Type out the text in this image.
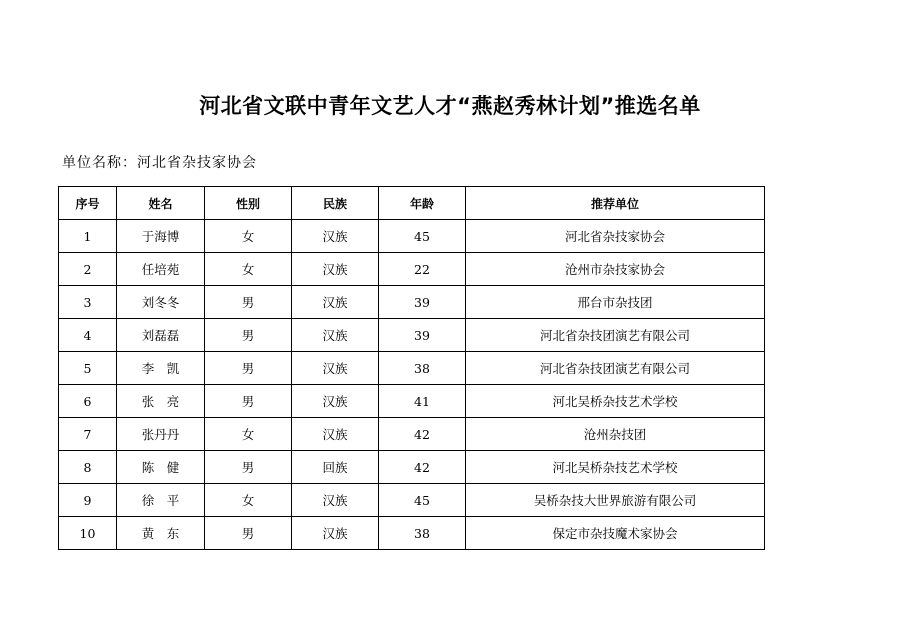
河北省文联中青年文艺人才“燕赵秀林计划”推选名单
单位名称：河北省杂技家协会
序号	姓名	性别	民族	年龄	推荐单位
1	于海博	女	汉族	45	河北省杂技家协会
2	任培苑	女	汉族	22	沧州市杂技家协会
3	刘冬冬	男	汉族	39	邢台市杂技团
4	刘磊磊	男	汉族	39	河北省杂技团演艺有限公司
5	李　凯	男	汉族	38	河北省杂技团演艺有限公司
6	张　亮	男	汉族	41	河北吴桥杂技艺术学校
7	张丹丹	女	汉族	42	沧州杂技团
8	陈　健	男	回族	42	河北吴桥杂技艺术学校
9	徐　平	女	汉族	45	吴桥杂技大世界旅游有限公司
10	黄　东	男	汉族	38	保定市杂技魔术家协会
